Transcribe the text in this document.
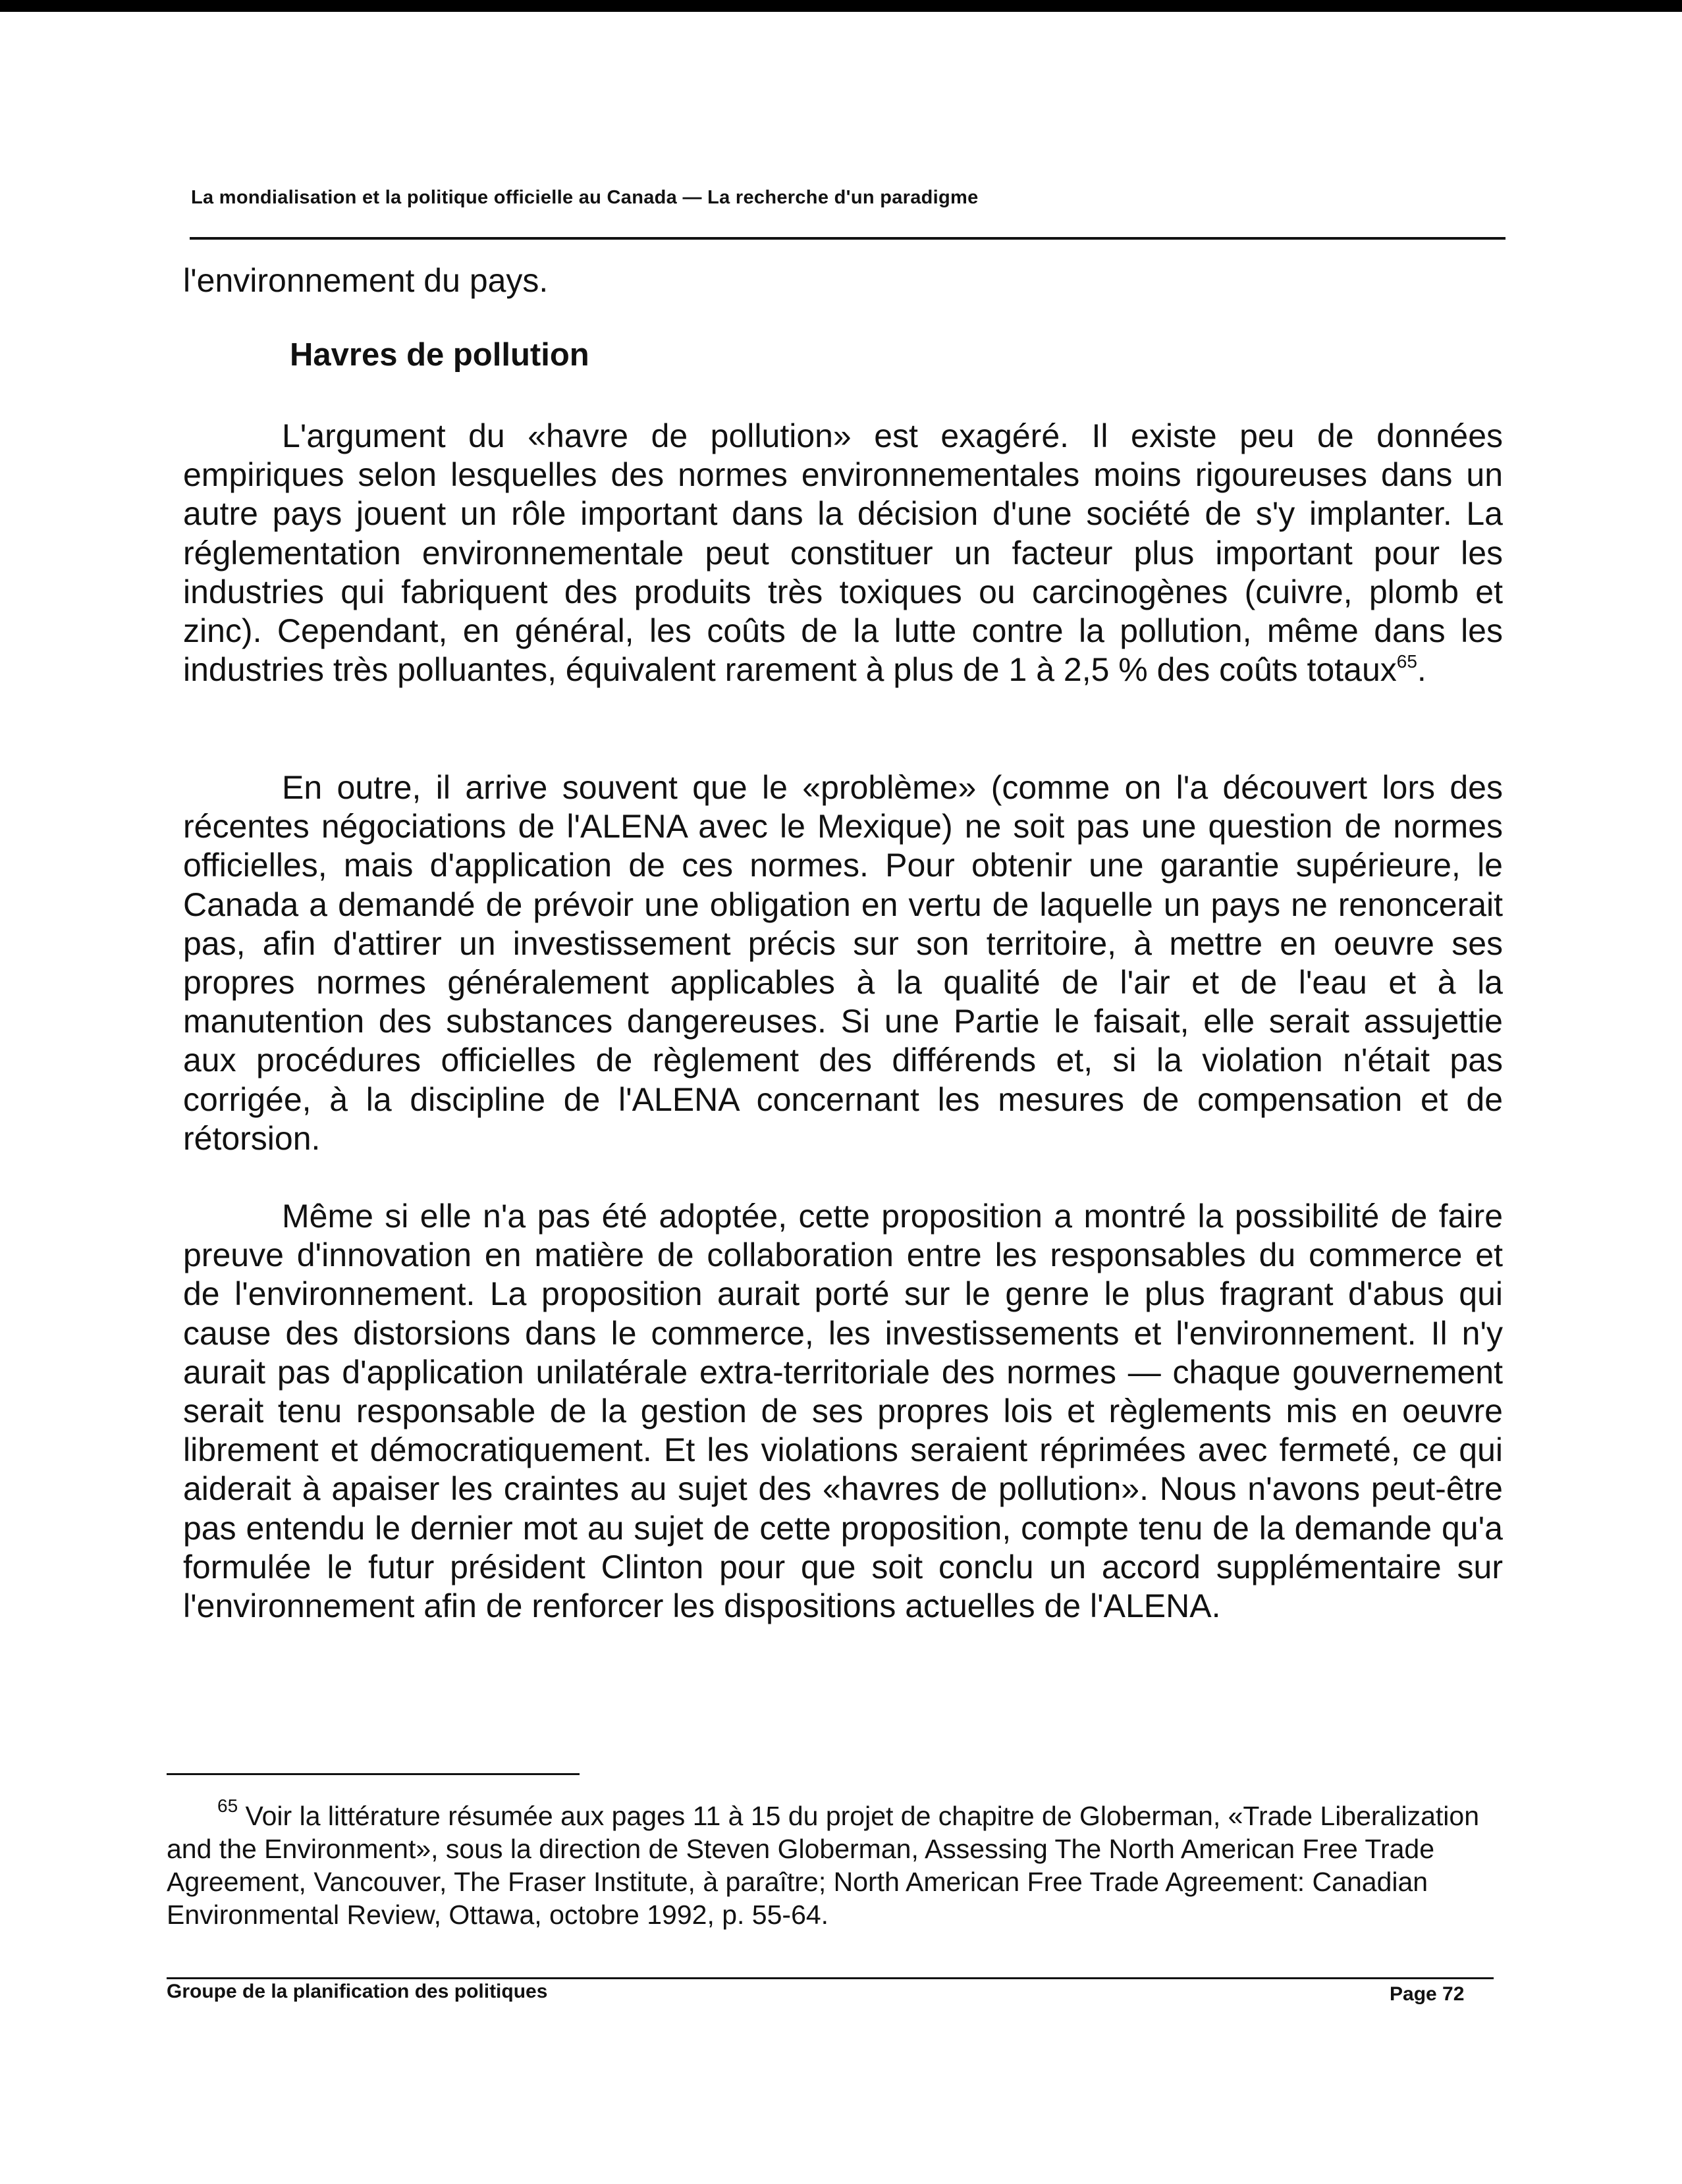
La mondialisation et la politique officielle au Canada — La recherche d'un paradigme
l'environnement du pays.
Havres de pollution
L'argument du «havre de pollution» est exagéré. Il existe peu de données empiriques selon lesquelles des normes environnementales moins rigoureuses dans un autre pays jouent un rôle important dans la décision d'une société de s'y implanter. La réglementation environnementale peut constituer un facteur plus important pour les industries qui fabriquent des produits très toxiques ou carcinogènes (cuivre, plomb et zinc). Cependant, en général, les coûts de la lutte contre la pollution, même dans les industries très polluantes, équivalent rarement à plus de 1 à 2,5 % des coûts totaux$^{65}$.
En outre, il arrive souvent que le «problème» (comme on l'a découvert lors des récentes négociations de l'ALENA avec le Mexique) ne soit pas une question de normes officielles, mais d'application de ces normes. Pour obtenir une garantie supérieure, le Canada a demandé de prévoir une obligation en vertu de laquelle un pays ne renoncerait pas, afin d'attirer un investissement précis sur son territoire, à mettre en oeuvre ses propres normes généralement applicables à la qualité de l'air et de l'eau et à la manutention des substances dangereuses. Si une Partie le faisait, elle serait assujettie aux procédures officielles de règlement des différends et, si la violation n'était pas corrigée, à la discipline de l'ALENA concernant les mesures de compensation et de rétorsion.
Même si elle n'a pas été adoptée, cette proposition a montré la possibilité de faire preuve d'innovation en matière de collaboration entre les responsables du commerce et de l'environnement. La proposition aurait porté sur le genre le plus fragrant d'abus qui cause des distorsions dans le commerce, les investissements et l'environnement. Il n'y aurait pas d'application unilatérale extra-territoriale des normes — chaque gouvernement serait tenu responsable de la gestion de ses propres lois et règlements mis en oeuvre librement et démocratiquement. Et les violations seraient réprimées avec fermeté, ce qui aiderait à apaiser les craintes au sujet des «havres de pollution». Nous n'avons peut-être pas entendu le dernier mot au sujet de cette proposition, compte tenu de la demande qu'a formulée le futur président Clinton pour que soit conclu un accord supplémentaire sur l'environnement afin de renforcer les dispositions actuelles de l'ALENA.
$^{65}$ Voir la littérature résumée aux pages 11 à 15 du projet de chapitre de Globerman, «Trade Liberalization and the Environment», sous la direction de Steven Globerman, Assessing The North American Free Trade Agreement, Vancouver, The Fraser Institute, à paraître; North American Free Trade Agreement: Canadian Environmental Review, Ottawa, octobre 1992, p. 55-64.
Groupe de la planification des politiques	Page 72
